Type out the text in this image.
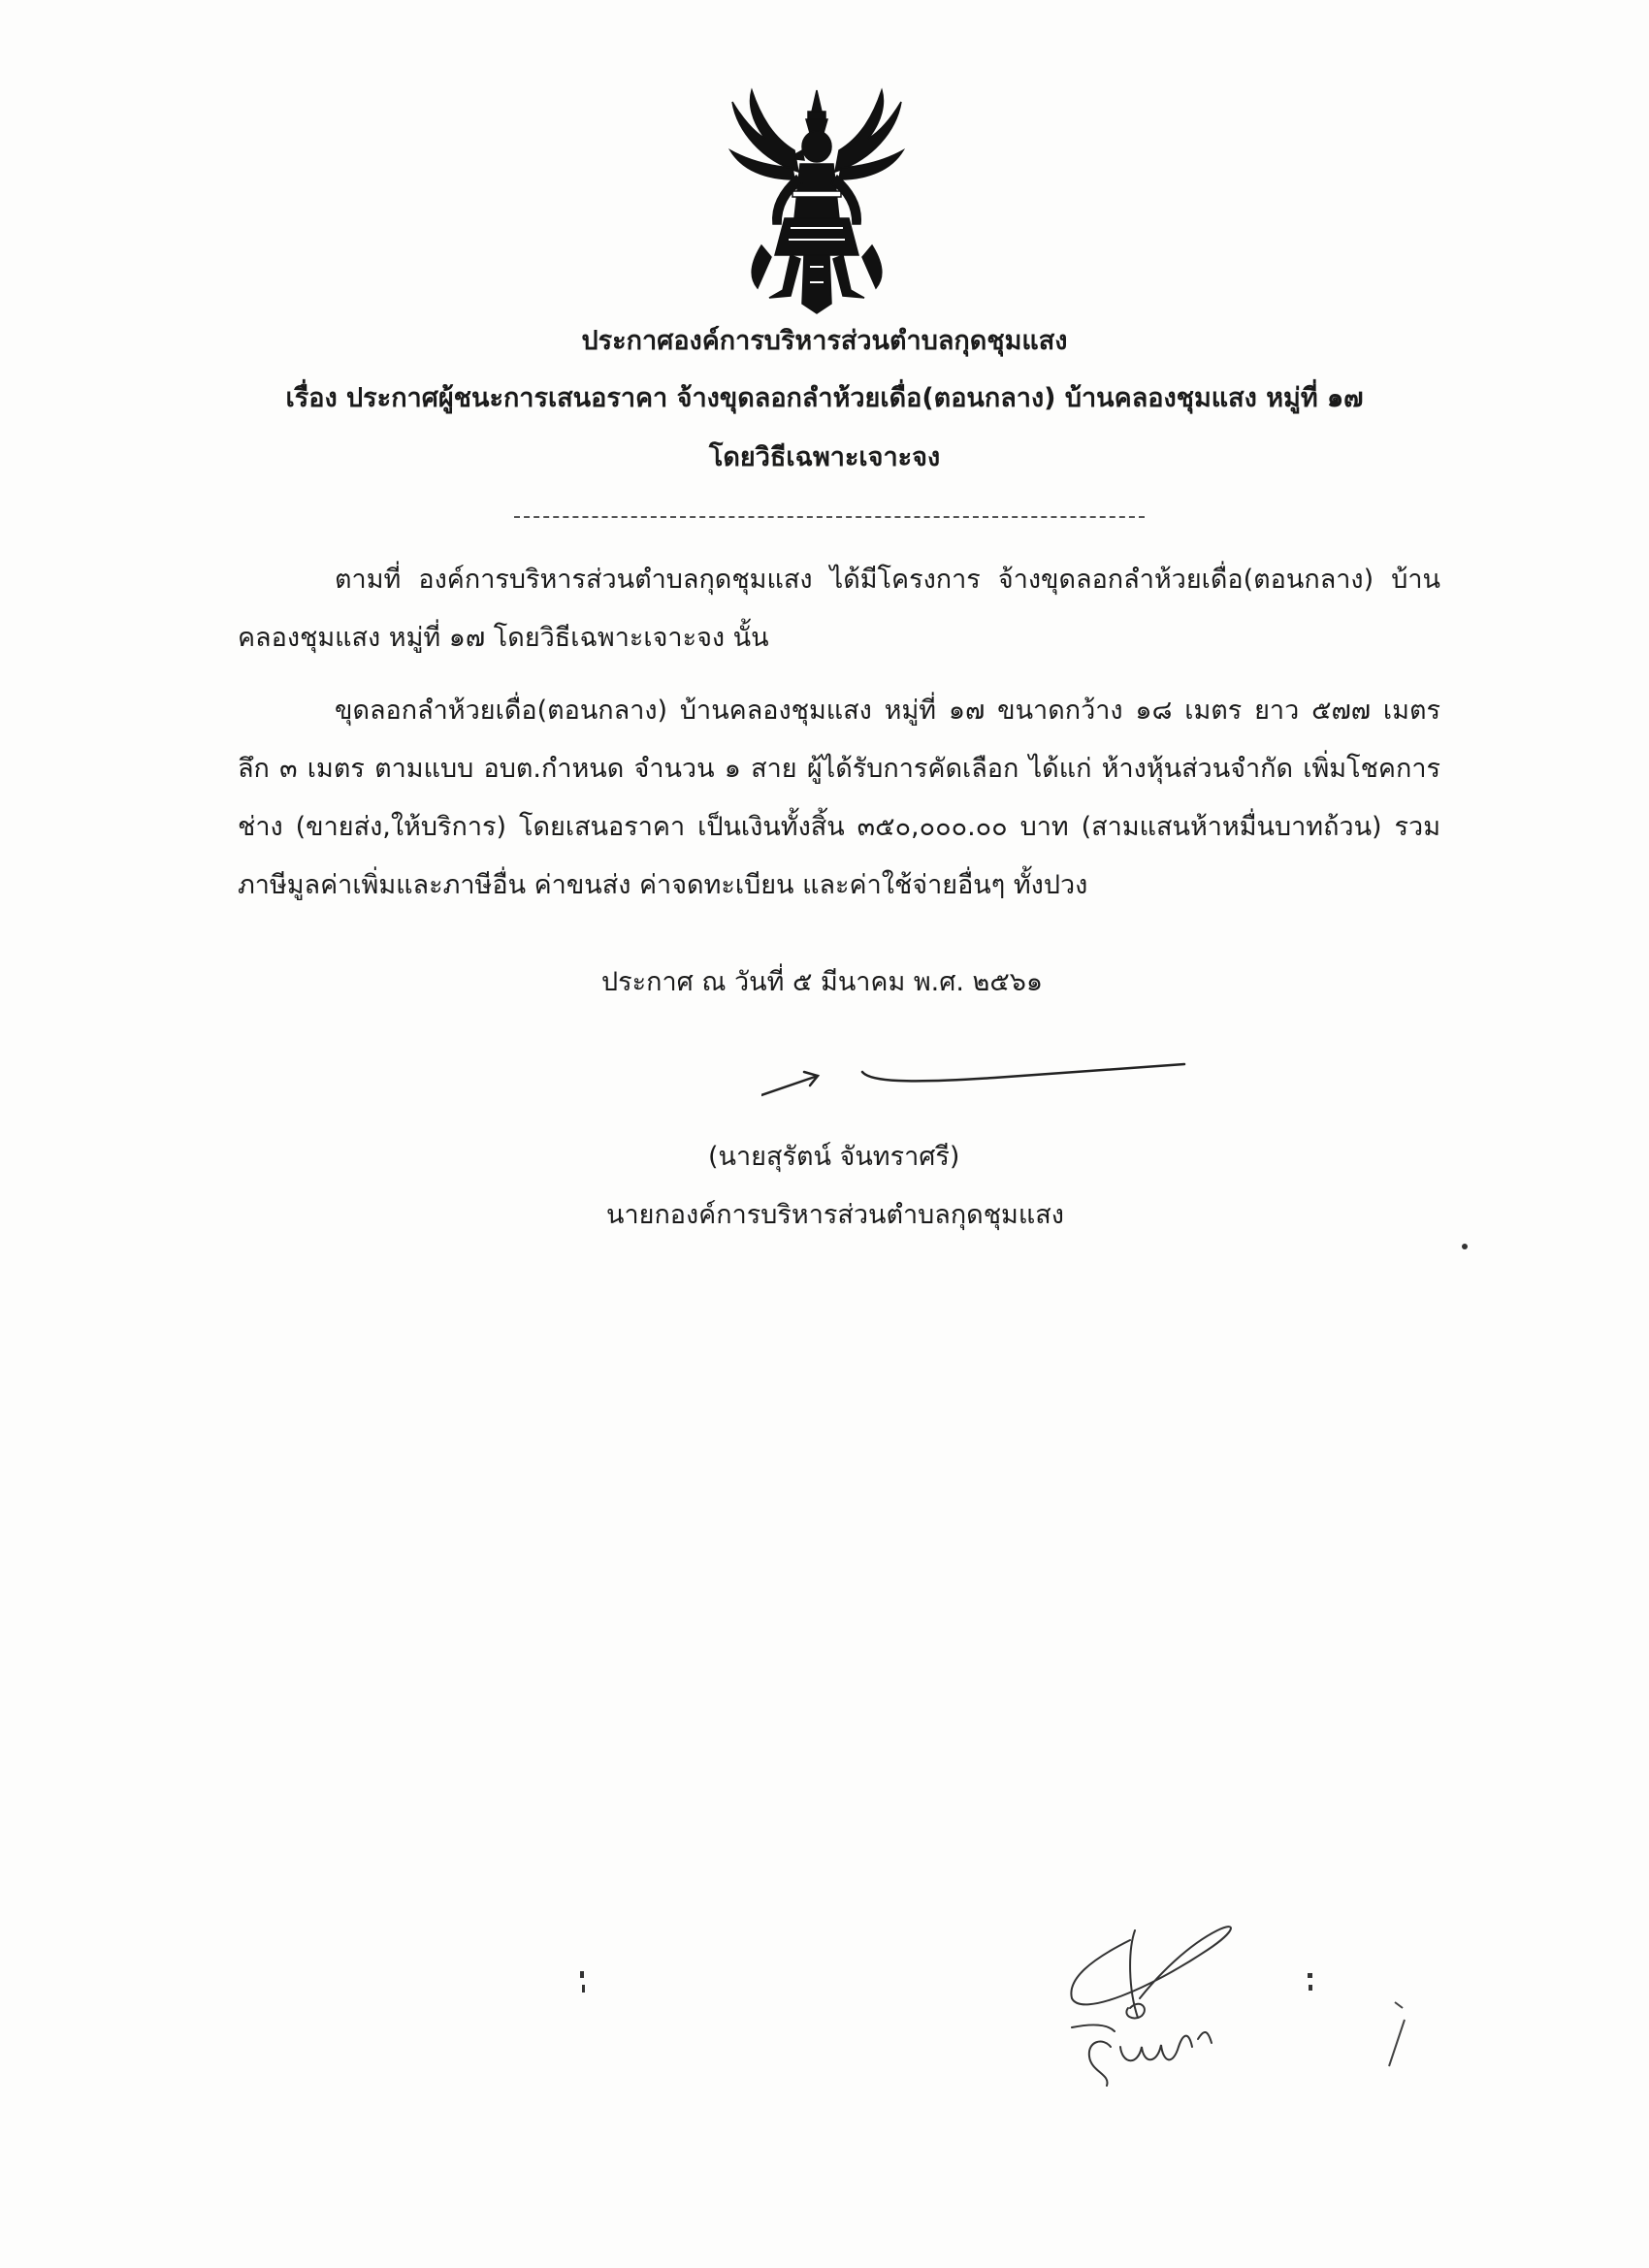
ประกาศองค์การบริหารส่วนตำบลกุดชุมแสง
เรื่อง ประกาศผู้ชนะการเสนอราคา จ้างขุดลอกลำห้วยเดื่อ(ตอนกลาง) บ้านคลองชุมแสง หมู่ที่ ๑๗
โดยวิธีเฉพาะเจาะจง
ตามที่ องค์การบริหารส่วนตำบลกุดชุมแสง ได้มีโครงการ จ้างขุดลอกลำห้วยเดื่อ(ตอนกลาง) บ้าน
คลองชุมแสง หมู่ที่ ๑๗ โดยวิธีเฉพาะเจาะจง นั้น
ขุดลอกลำห้วยเดื่อ(ตอนกลาง) บ้านคลองชุมแสง หมู่ที่ ๑๗ ขนาดกว้าง ๑๘ เมตร ยาว ๕๗๗ เมตร
ลึก ๓ เมตร ตามแบบ อบต.กำหนด จำนวน ๑ สาย ผู้ได้รับการคัดเลือก ได้แก่ ห้างหุ้นส่วนจำกัด เพิ่มโชคการ
ช่าง (ขายส่ง,ให้บริการ) โดยเสนอราคา เป็นเงินทั้งสิ้น ๓๕๐,๐๐๐.๐๐ บาท (สามแสนห้าหมื่นบาทถ้วน) รวม
ภาษีมูลค่าเพิ่มและภาษีอื่น ค่าขนส่ง ค่าจดทะเบียน และค่าใช้จ่ายอื่นๆ ทั้งปวง
ประกาศ ณ วันที่ ๕ มีนาคม พ.ศ. ๒๕๖๑
(นายสุรัตน์ จันทราศรี)
นายกองค์การบริหารส่วนตำบลกุดชุมแสง
